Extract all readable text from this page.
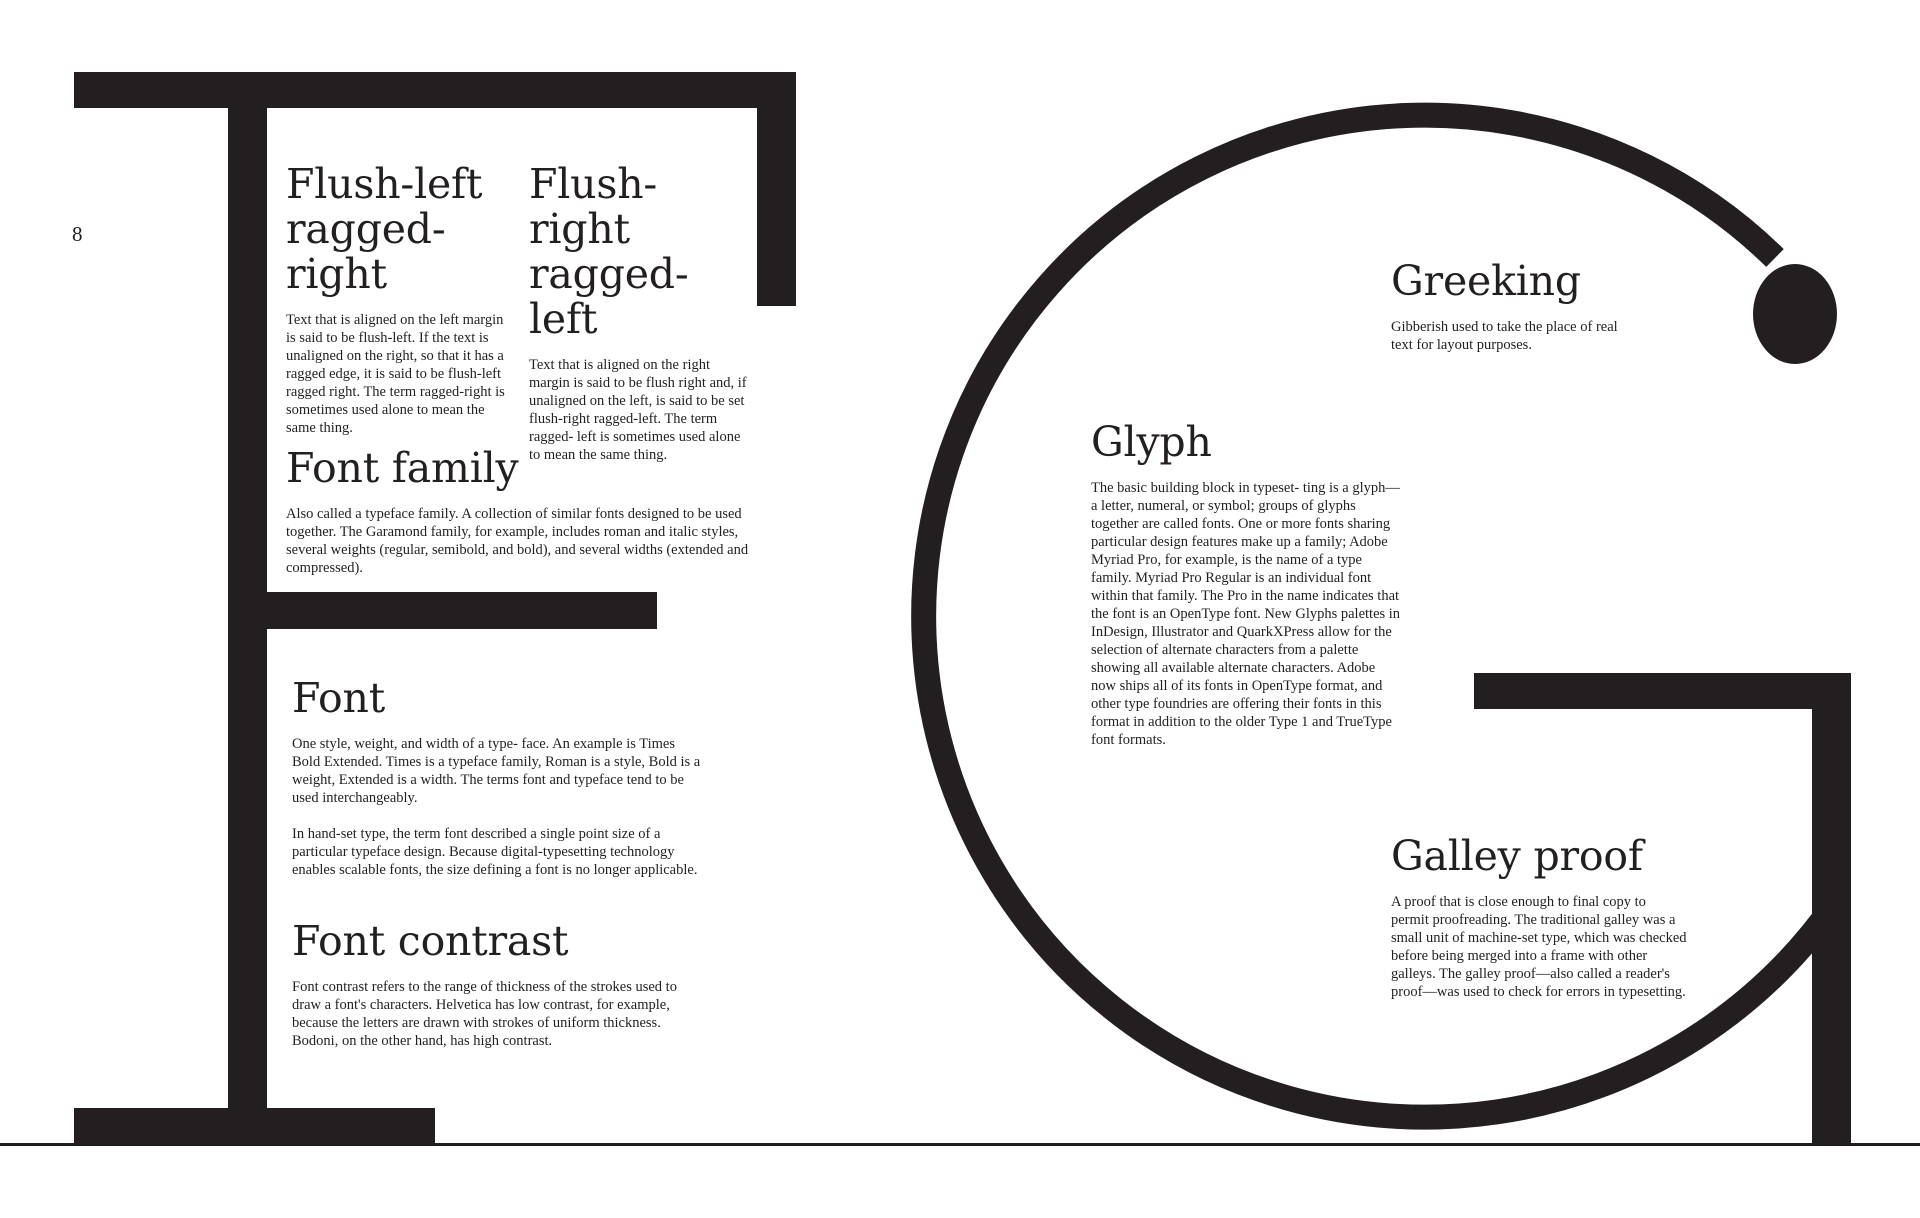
8
Flush-left ragged-right

Text that is aligned on the left margin is said to be flush-left. If the text is unaligned on the right, so that it has a ragged edge, it is said to be flush-left ragged right. The term ragged-right is sometimes used alone to mean the same thing.

Flush-right ragged-left

Text that is aligned on the right margin is said to be flush right and, if unaligned on the left, is said to be set flush-right ragged-left. The term ragged- left is sometimes used alone to mean the same thing.

Font family

Also called a typeface family. A collection of similar fonts designed to be used together. The Garamond family, for example, includes roman and italic styles, several weights (regular, semibold, and bold), and several widths (extended and compressed).

Font

One style, weight, and width of a type- face. An example is Times Bold Extended. Times is a typeface family, Roman is a style, Bold is a weight, Extended is a width. The terms font and typeface tend to be used interchangeably.

In hand-set type, the term font described a single point size of a particular typeface design. Because digital-typesetting technology enables scalable fonts, the size defining a font is no longer applicable.

Font contrast

Font contrast refers to the range of thickness of the strokes used to draw a font's characters. Helvetica has low contrast, for example, because the letters are drawn with strokes of uniform thickness. Bodoni, on the other hand, has high contrast.

Greeking

Gibberish used to take the place of real text for layout purposes.

Glyph

The basic building block in typeset- ting is a glyph—a letter, numeral, or symbol; groups of glyphs together are called fonts. One or more fonts sharing particular design features make up a family; Adobe Myriad Pro, for example, is the name of a type family. Myriad Pro Regular is an individual font within that family. The Pro in the name indicates that the font is an OpenType font. New Glyphs palettes in InDesign, Illustrator and QuarkXPress allow for the selection of alternate characters from a palette showing all available alternate characters. Adobe now ships all of its fonts in OpenType format, and other type foundries are offering their fonts in this format in addition to the older Type 1 and TrueType font formats.

Galley proof

A proof that is close enough to final copy to permit proofreading. The traditional galley was a small unit of machine-set type, which was checked before being merged into a frame with other galleys. The galley proof—also called a reader's proof—was used to check for errors in typesetting.
